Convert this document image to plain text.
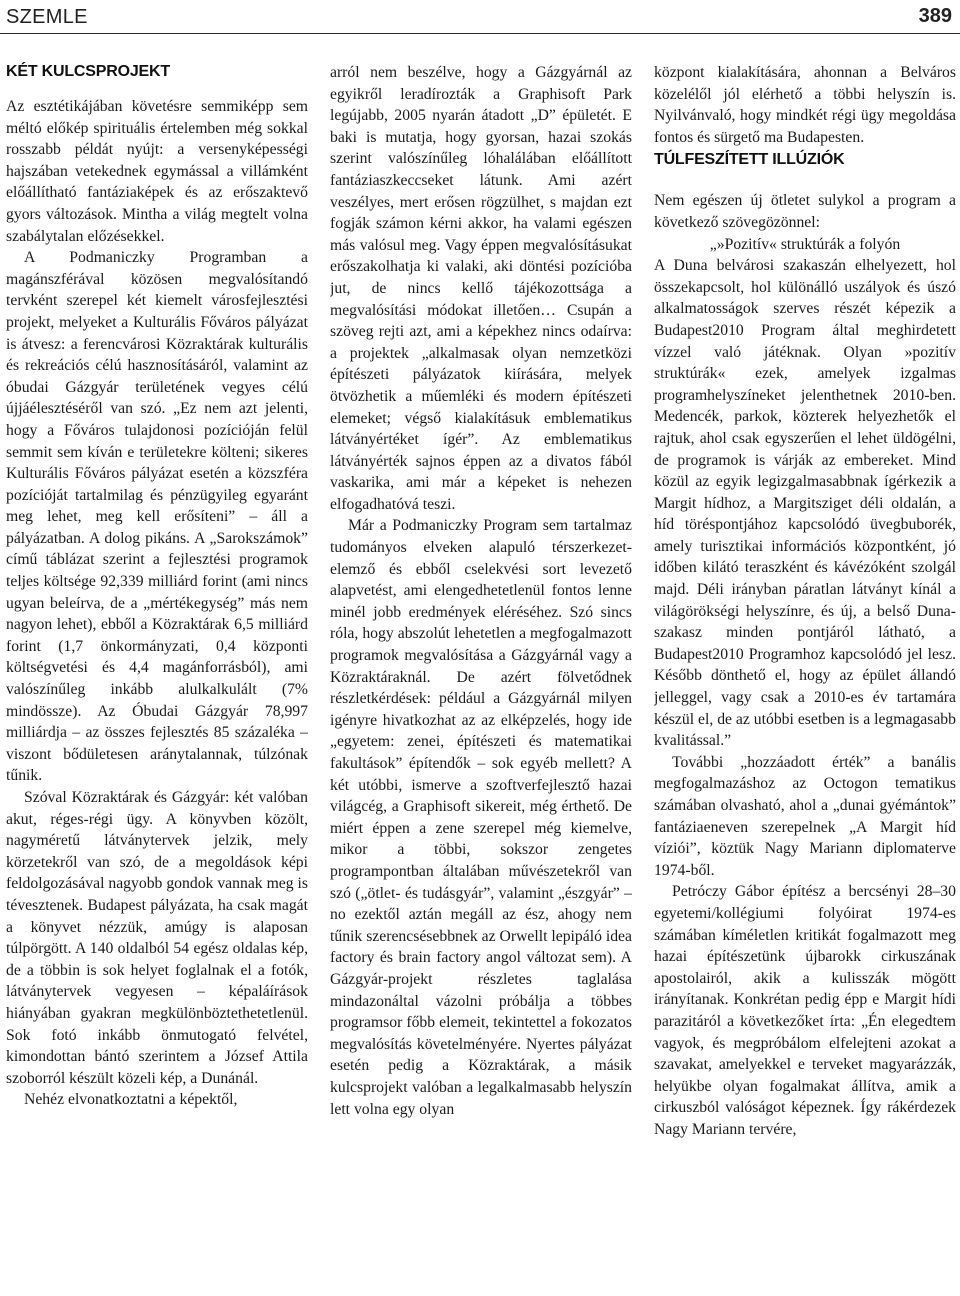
SZEMLE	389
KÉT KULCSPROJEKT

Az esztétikájában követésre semmiképp sem méltó előkép spirituális értelemben még sokkal rosszabb példát nyújt: a versenyképességi hajszában vetekednek egymással a villámként előállítható fantáziaképek és az erőszaktevő gyors változások. Mintha a világ megtelt volna szabálytalan előzésekkel.

A Podmaniczky Programban a magánszférával közösen megvalósítandó tervként szerepel két kiemelt városfejlesztési projekt, melyeket a Kulturális Főváros pályázat is átvesz: a ferencvárosi Közraktárak kulturális és rekreációs célú hasznosításáról, valamint az óbudai Gázgyár területének vegyes célú újjáélesztéséről van szó. „Ez nem azt jelenti, hogy a Főváros tulajdonosi pozícióján felül semmit sem kíván e területekre költeni; sikeres Kulturális Főváros pályázat esetén a közszféra pozícióját tartalmilag és pénzügyileg egyaránt meg lehet, meg kell erősíteni” – áll a pályázatban. A dolog pikáns. A „Sarokszámok” című táblázat szerint a fejlesztési programok teljes költsége 92,339 milliárd forint (ami nincs ugyan beleírva, de a „mértékegység” más nem nagyon lehet), ebből a Közraktárak 6,5 milliárd forint (1,7 önkormányzati, 0,4 központi költségvetési és 4,4 magánforrásból), ami valószínűleg inkább alulkalkulált (7% mindössze). Az Óbudai Gázgyár 78,997 milliárdja – az összes fejlesztés 85 százaléka – viszont bődületesen aránytalannak, túlzónak tűnik.

Szóval Közraktárak és Gázgyár: két valóban akut, réges-régi ügy. A könyvben közölt, nagyméretű látványtervek jelzik, mely körzetekről van szó, de a megoldások képi feldolgozásával nagyobb gondok vannak meg is tévesztenek. Budapest pályázata, ha csak magát a könyvet nézzük, amúgy is alaposan túlpörgött. A 140 oldalból 54 egész oldalas kép, de a többin is sok helyet foglalnak el a fotók, látványtervek vegyesen – képaláírások hiányában gyakran megkülönböztethetetlenül. Sok fotó inkább önmutogató felvétel, kimondottan bántó szerintem a József Attila szoborról készült közeli kép, a Dunánál.

Nehéz elvonatkoztatni a képektől,

arról nem beszélve, hogy a Gázgyárnál az egyikről leradírozták a Graphisoft Park legújabb, 2005 nyarán átadott „D” épületét. E baki is mutatja, hogy gyorsan, hazai szokás szerint valószínűleg lóhalálában előállított fantáziaszkeccseket látunk. Ami azért veszélyes, mert erősen rögzülhet, s majdan ezt fogják számon kérni akkor, ha valami egészen más valósul meg. Vagy éppen megvalósításukat erőszakolhatja ki valaki, aki döntési pozícióba jut, de nincs kellő tájékozottsága a megvalósítási módokat illetően… Csupán a szöveg rejti azt, ami a képekhez nincs odaírva: a projektek „alkalmasak olyan nemzetközi építészeti pályázatok kiírására, melyek ötvözhetik a műemléki és modern építészeti elemeket; végső kialakításuk emblematikus látványértéket ígér”. Az emblematikus látványérték sajnos éppen az a divatos fából vaskarika, ami már a képeket is nehezen elfogadhatóvá teszi.

Már a Podmaniczky Program sem tartalmaz tudományos elveken alapuló térszerkezet-elemző és ebből cselekvési sort levezető alapvetést, ami elengedhetetlenül fontos lenne minél jobb eredmények eléréséhez. Szó sincs róla, hogy abszolút lehetetlen a megfogalmazott programok megvalósítása a Gázgyárnál vagy a Közraktáraknál. De azért fölvetődnek részletkérdések: például a Gázgyárnál milyen igényre hivatkozhat az az elképzelés, hogy ide „egyetem: zenei, építészeti és matematikai fakultások” építendők – sok egyéb mellett? A két utóbbi, ismerve a szoftverfejlesztő hazai világcég, a Graphisoft sikereit, még érthető. De miért éppen a zene szerepel még kiemelve, mikor a többi, sokszor zengetes programpontban általában művészetekről van szó („ötlet- és tudásgyár”, valamint „észgyár” – no ezektől aztán megáll az ész, ahogy nem tűnik szerencsésebbnek az Orwellt lepipáló idea factory és brain factory angol változat sem). A Gázgyár-projekt részletes taglalása mindazonáltal vázolni próbálja a többes programsor főbb elemeit, tekintettel a fokozatos megvalósítás követelményére. Nyertes pályázat esetén pedig a Közraktárak, a másik kulcsprojekt valóban a legalkalmasabb helyszín lett volna egy olyan

központ kialakítására, ahonnan a Belváros közelélől jól elérhető a többi helyszín is. Nyilvánvaló, hogy mindkét régi ügy megoldása fontos és sürgető ma Budapesten.

TÚLFESZÍTETT ILLÚZIÓK

Nem egészen új ötletet sulykol a program a következő szövegözönnel:

„»Pozitív« struktúrák a folyón

A Duna belvárosi szakaszán elhelyezett, hol összekapcsolt, hol különálló uszályok és úszó alkalmatosságok szerves részét képezik a Budapest2010 Program által meghirdetett vízzel való játéknak. Olyan »pozitív struktúrák« ezek, amelyek izgalmas programhelyszíneket jelenthetnek 2010-ben. Medencék, parkok, közterek helyezhetők el rajtuk, ahol csak egyszerűen el lehet üldögélni, de programok is várják az embereket. Mind közül az egyik legizgalmasabbnak ígérkezik a Margit hídhoz, a Margitsziget déli oldalán, a híd töréspontjához kapcsolódó üvegbuborék, amely turisztikai információs központként, jó időben kilátó teraszként és kávézóként szolgál majd. Déli irányban páratlan látványt kínál a világörökségi helyszínre, és új, a belső Duna-szakasz minden pontjáról látható, a Budapest2010 Programhoz kapcsolódó jel lesz. Később dönthető el, hogy az épület állandó jelleggel, vagy csak a 2010-es év tartamára készül el, de az utóbbi esetben is a legmagasabb kvalitással.”

További „hozzáadott érték” a banális megfogalmazáshoz az Octogon tematikus számában olvasható, ahol a „dunai gyémántok” fantáziaeneven szerepelnek „A Margit híd víziói”, köztük Nagy Mariann diplomaterve 1974-ből.

Petróczy Gábor építész a bercsényi 28–30 egyetemi/kollégiumi folyóirat 1974-es számában kíméletlen kritikát fogalmazott meg hazai építészetünk újbarokk cirkuszának apostolairól, akik a kulisszák mögött irányítanak. Konkrétan pedig épp e Margit hídi parazitáról a következőket írta: „Én elegedtem vagyok, és megpróbálom elfelejteni azokat a szavakat, amelyekkel e terveket magyarázzák, helyükbe olyan fogalmakat állítva, amik a cirkuszból valóságot képeznek. Így rákérdezek Nagy Mariann tervére,
